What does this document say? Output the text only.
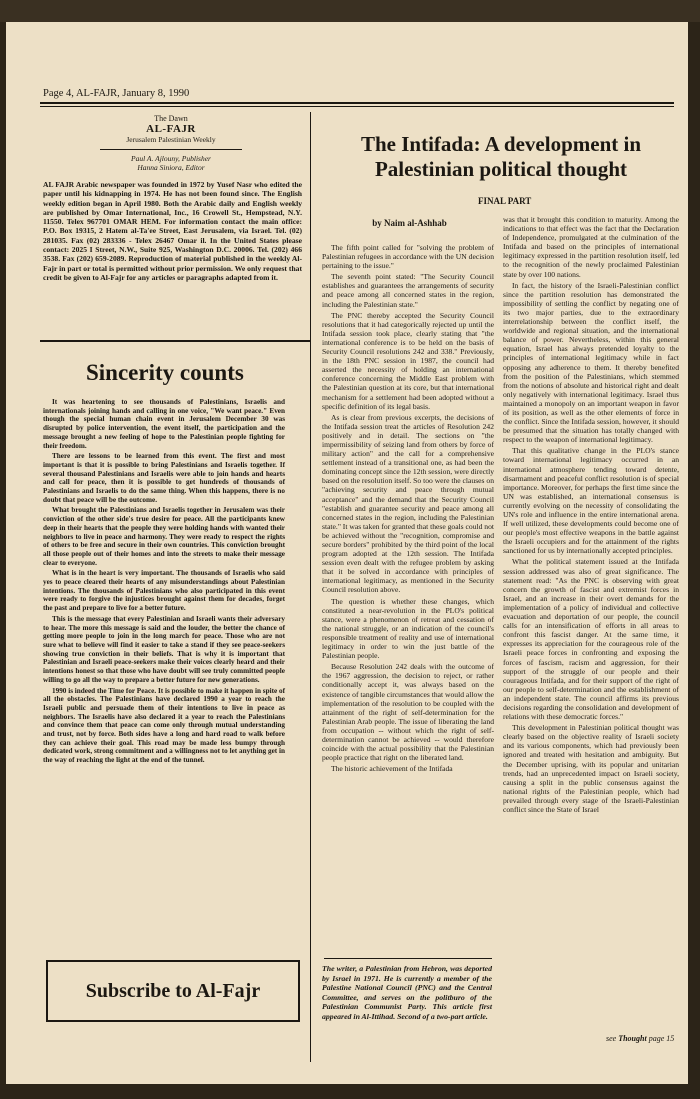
Page 4, AL-FAJR, January 8, 1990
The Dawn
AL-FAJR
Jerusalem Palestinian Weekly
Paul A. Ajlouny, Publisher
Hanna Siniora, Editor
AL FAJR Arabic newspaper was founded in 1972 by Yusef Nasr who edited the paper until his kidnapping in 1974. He has not been found since. The English weekly edition began in April 1980. Both the Arabic daily and English weekly are published by Omar International, Inc., 16 Crowell St., Hempstead, N.Y. 11550. Telex 967701 OMAR HEM. For information contact the main office: P.O. Box 19315, 2 Hatem al-Ta'ee Street, East Jerusalem, via Israel. Tel. (02) 281035. Fax (02) 283336 - Telex 26467 Omar il. In the United States please contact: 2025 I Street, N.W., Suite 925, Washington D.C. 20006. Tel. (202) 466 3538. Fax (202) 659-2089. Reproduction of material published in the weekly Al-Fajr in part or total is permitted without prior permission. We only request that credit be given to Al-Fajr for any articles or paragraphs adapted from it.
Sincerity counts

It was heartening to see thousands of Palestinians, Israelis and internationals joining hands and calling in one voice, "We want peace." Even though the special human chain event in Jerusalem December 30 was disrupted by police intervention, the event itself, the participation and the message brought a new feeling of hope to the Palestinian people fighting for their freedom.

There are lessons to be learned from this event. The first and most important is that it is possible to bring Palestinians and Israelis together. If several thousand Palestinians and Israelis were able to join hands and hearts and call for peace, then it is possible to get hundreds of thousands of Palestinians and Israelis to do the same thing. When this happens, there is no doubt that peace will be the outcome.

What brought the Palestinians and Israelis together in Jerusalem was their conviction of the other side's true desire for peace. All the participants knew deep in their hearts that the people they were holding hands with wanted their neighbors to live in peace and harmony. They were ready to respect the rights of others to be free and secure in their own countries. This conviction brought all those people out of their homes and into the streets to make their message clear to everyone.

What is in the heart is very important. The thousands of Israelis who said yes to peace cleared their hearts of any misunderstandings about Palestinian intentions. The thousands of Palestinians who also participated in this event were ready to forgive the injustices brought against them for decades, forget the past and prepare to live for a better future.

This is the message that every Palestinian and Israeli wants their adversary to hear. The more this message is said and the louder, the better the chance of getting more people to join in the long march for peace. Those who are not sure what to believe will find it easier to take a stand if they see peace-seekers showing true conviction in their beliefs. That is why it is important that Palestinian and Israeli peace-seekers make their voices clearly heard and their intentions honest so that those who have doubt will see truly committed people willing to go all the way to prepare a better future for new generations.

1990 is indeed the Time for Peace. It is possible to make it happen in spite of all the obstacles. The Palestinians have declared 1990 a year to reach the Israeli public and persuade them of their intentions to live in peace as neighbors. The Israelis have also declared it a year to reach the Palestinians and convince them that peace can come only through mutual understanding and trust, not by force. Both sides have a long and hard road to walk before they can achieve their goal. This road may be made less bumpy through dedicated work, strong commitment and a willingness not to let anything get in the way of reaching the light at the end of the tunnel.

Subscribe to Al-Fajr
The Intifada: A development in
Palestinian political thought
FINAL PART
by Naim al-Ashhab

The fifth point called for "solving the problem of Palestinian refugees in accordance with the UN decision pertaining to the issue."

The seventh point stated: "The Security Council establishes and guarantees the arrangements of security and peace among all concerned states in the region, including the Palestinian state."

The PNC thereby accepted the Security Council resolutions that it had categorically rejected up until the Intifada session took place, clearly stating that "the international conference is to be held on the basis of Security Council resolutions 242 and 338." Previously, in the 18th PNC session in 1987, the council had asserted the necessity of holding an international conference concerning the Middle East problem with the Palestinian question at its core, but that international mechanism for a settlement had been adopted without a specific definition of its legal basis.

As is clear from previous excerpts, the decisions of the Intifada session treat the articles of Resolution 242 positively and in detail. The sections on "the impermissibility of seizing land from others by force of military action" and the call for a comprehensive settlement instead of a transitional one, as had been the dominating concept since the 12th session, were directly based on the resolution itself. So too were the clauses on "achieving security and peace through mutual acceptance" and the demand that the Security Council "establish and guarantee security and peace among all concerned states in the region, including the Palestinian state." It was taken for granted that these goals could not be achieved without the "recognition, compromise and secure borders" prohibited by the third point of the local program adopted at the 12th session. The Intifada session even dealt with the refugee problem by asking that it be solved in accordance with principles of international legitimacy, as mentioned in the Security Council resolution above.

The question is whether these changes, which constituted a near-revolution in the PLO's political stance, were a phenomenon of retreat and cessation of the national struggle, or an indication of the council's responsible treatment of reality and use of international legitimacy in order to win the just battle of the Palestinian people.

Because Resolution 242 deals with the outcome of the 1967 aggression, the decision to reject, or rather conditionally accept it, was always based on the existence of tangible circumstances that would allow the implementation of the resolution to be coupled with the attainment of the right of self-determination for the Palestinian Arab people. The issue of liberating the land from occupation -- without which the right of self-determination cannot be achieved -- would therefore coincide with the actual possibility that the Palestinian people practice that right on the liberated land.

The historic achievement of the Intifada

The writer, a Palestinian from Hebron, was deported by Israel in 1971. He is currently a member of the Palestine National Council (PNC) and the Central Committee, and serves on the politburo of the Palestinian Communist Party. This article first appeared in Al-Ittihad. Second of a two-part article.

was that it brought this condition to maturity. Among the indications to that effect was the fact that the Declaration of Independence, promulgated at the culmination of the Intifada and based on the principles of international legitimacy expressed in the partition resolution itself, led to the recognition of the newly proclaimed Palestinian state by over 100 nations.

In fact, the history of the Israeli-Palestinian conflict since the partition resolution has demonstrated the impossibility of settling the conflict by negating one of its two major parties, due to the extraordinary interrelationship between the conflict itself, the worldwide and regional situation, and the international balance of power. Nevertheless, within this general equation, Israel has always pretended loyalty to the principles of international legitimacy while in fact opposing any adherence to them. It thereby benefited from the position of the Palestinians, which stemmed from the notions of absolute and historical right and dealt only negatively with international legitimacy. Israel thus maintained a monopoly on an important weapon in favor of its position, as well as the other elements of force in the conflict. Since the Intifada session, however, it should be presumed that the situation has totally changed with respect to the weapon of international legitimacy.

That this qualitative change in the PLO's stance toward international legitimacy occurred in an international atmosphere tending toward detente, disarmament and peaceful conflict resolution is of special importance. Moreover, for perhaps the first time since the UN was established, an international consensus is currently evolving on the necessity of consolidating the UN's role and influence in the entire international arena. If well utilized, these developments could become one of our people's most effective weapons in the battle against the Israeli occupiers and for the attainment of the rights sanctioned for us by internationally accepted principles.

What the political statement issued at the Intifada session addressed was also of great significance. The statement read: "As the PNC is observing with great concern the growth of fascist and extremist forces in Israel, and an increase in their overt demands for the implementation of a policy of individual and collective evacuation and deportation of our people, the council calls for an intensification of efforts in all areas to confront this fascist danger. At the same time, it expresses its appreciation for the courageous role of the Israeli peace forces in confronting and exposing the forces of fascism, racism and aggression, for their support of the struggle of our people and their courageous Intifada, and for their support of the right of our people to self-determination and the establishment of an independent state. The council affirms its previous decisions regarding the consolidation and development of relations with these democratic forces."

This development in Palestinian political thought was clearly based on the objective reality of Israeli society and its various components, which had previously been ignored and treated with hesitation and ambiguity. But the December uprising, with its popular and unitarian trends, had an unprecedented impact on Israeli society, causing a split in the public consensus against the national rights of the Palestinian people, which had prevailed through every stage of the Israeli-Palestinian conflict since the State of Israel

see Thought page 15
